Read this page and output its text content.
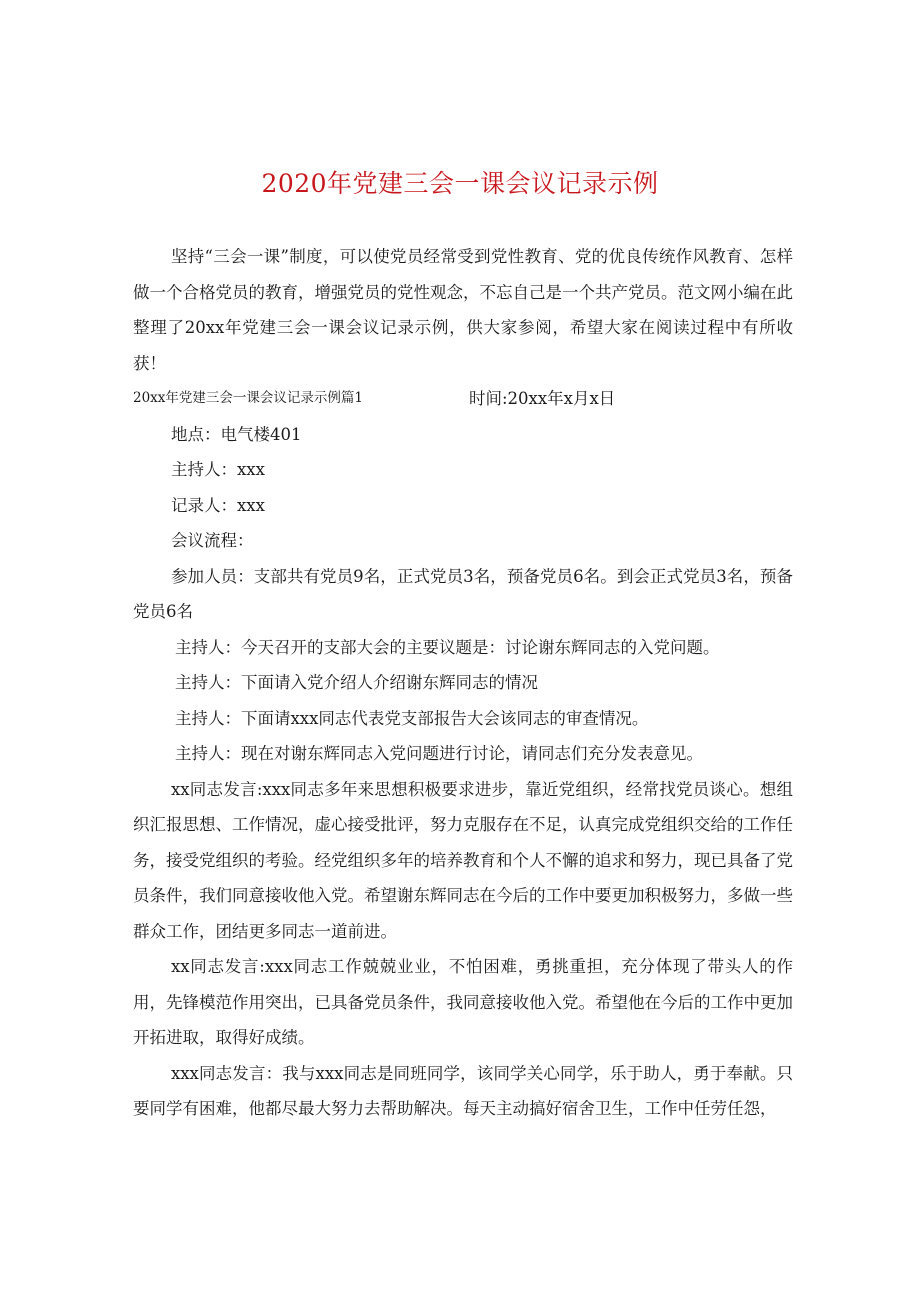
2020年党建三会一课会议记录示例

坚持“三会一课”制度，可以使党员经常受到党性教育、党的优良传统作风教育、怎样做一个合格党员的教育，增强党员的党性观念，不忘自己是一个共产党员。范文网小编在此整理了20xx年党建三会一课会议记录示例，供大家参阅，希望大家在阅读过程中有所收获！

20xx年党建三会一课会议记录示例篇1	时间:20xx年x月x日

地点：电气楼401

主持人：xxx

记录人：xxx

会议流程：

参加人员：支部共有党员9名，正式党员3名，预备党员6名。到会正式党员3名，预备党员6名

主持人：今天召开的支部大会的主要议题是：讨论谢东辉同志的入党问题。

主持人：下面请入党介绍人介绍谢东辉同志的情况

主持人：下面请xxx同志代表党支部报告大会该同志的审查情况。

主持人：现在对谢东辉同志入党问题进行讨论，请同志们充分发表意见。

xx同志发言:xxx同志多年来思想积极要求进步，靠近党组织，经常找党员谈心。想组织汇报思想、工作情况，虚心接受批评，努力克服存在不足，认真完成党组织交给的工作任务，接受党组织的考验。经党组织多年的培养教育和个人不懈的追求和努力，现已具备了党员条件，我们同意接收他入党。希望谢东辉同志在今后的工作中要更加积极努力，多做一些群众工作，团结更多同志一道前进。

xx同志发言:xxx同志工作兢兢业业，不怕困难，勇挑重担，充分体现了带头人的作用，先锋模范作用突出，已具备党员条件，我同意接收他入党。希望他在今后的工作中更加开拓进取，取得好成绩。

xxx同志发言：我与xxx同志是同班同学，该同学关心同学，乐于助人，勇于奉献。只要同学有困难，他都尽最大努力去帮助解决。每天主动搞好宿舍卫生，工作中任劳任怨，
